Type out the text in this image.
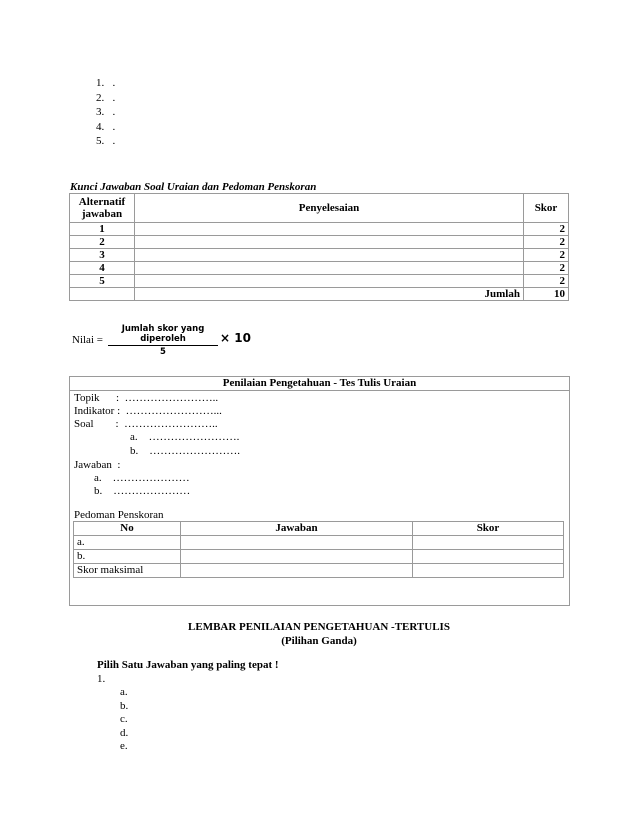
1.   .
2.   .
3.   .
4.   .
5.   .
Kunci Jawaban Soal Uraian dan Pedoman Penskoran
Alternatif jawaban	Penyelesaian	Skor
1		2
2		2
3		2
4		2
5		2
	Jumlah	10
Nilai =
Jumlah skor yang diperoleh
5
× 10
Penilaian Pengetahuan - Tes Tulis Uraian
Topik      :  ……………………..
Indikator :  ……………………...
Soal        :  ……………………..
a.    …………………….
b.    …………………….
Jawaban  :
a.    …………………
b.    …………………
Pedoman Penskoran
No	Jawaban	Skor
a.		
b.		
Skor maksimal		
LEMBAR PENILAIAN PENGETAHUAN -TERTULIS
(Pilihan Ganda)
Pilih Satu Jawaban yang paling tepat !
1.
a.
b.
c.
d.
e.
